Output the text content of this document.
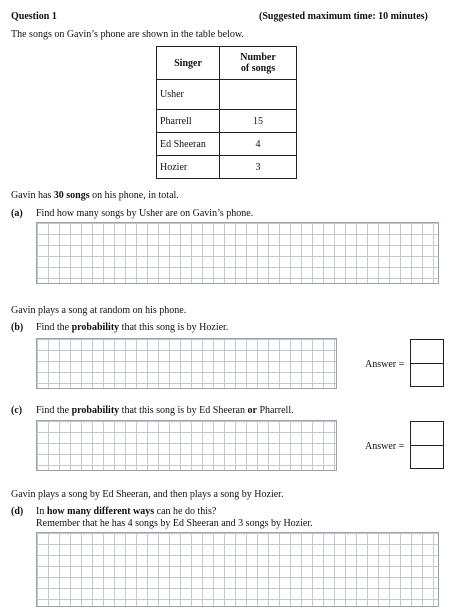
Question 1	(Suggested maximum time: 10 minutes)
The songs on Gavin’s phone are shown in the table below.
Singer	Number
of songs
Usher	
Pharrell	15
Ed Sheeran	4
Hozier	3
Gavin has 30 songs on his phone, in total.
(a) Find how many songs by Usher are on Gavin’s phone.
Gavin plays a song at random on his phone.
(b) Find the probability that this song is by Hozier.
Answer =
(c) Find the probability that this song is by Ed Sheeran or Pharrell.
Answer =
Gavin plays a song by Ed Sheeran, and then plays a song by Hozier.
(d) In how many different ways can he do this?
Remember that he has 4 songs by Ed Sheeran and 3 songs by Hozier.
